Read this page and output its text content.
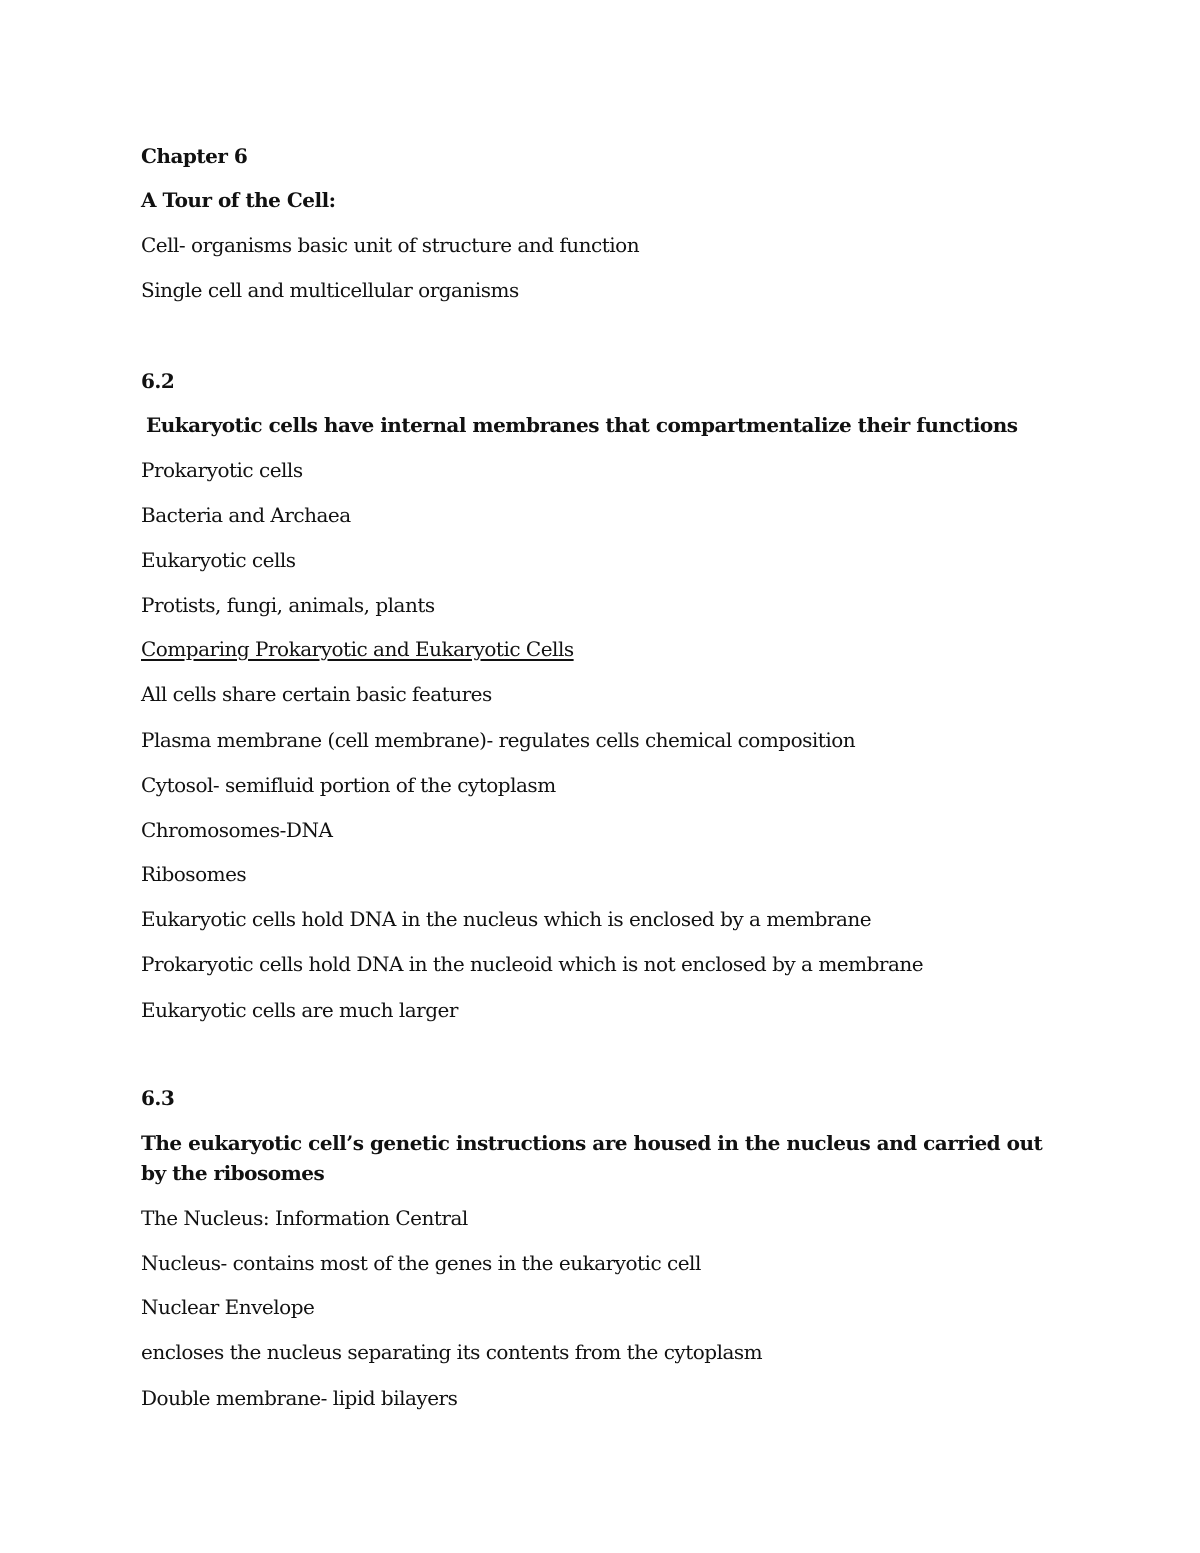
Chapter 6
A Tour of the Cell:
Cell- organisms basic unit of structure and function
Single cell and multicellular organisms
6.2
Eukaryotic cells have internal membranes that compartmentalize their functions
Prokaryotic cells
Bacteria and Archaea
Eukaryotic cells
Protists, fungi, animals, plants
Comparing Prokaryotic and Eukaryotic Cells
All cells share certain basic features
Plasma membrane (cell membrane)- regulates cells chemical composition
Cytosol- semifluid portion of the cytoplasm
Chromosomes-DNA
Ribosomes
Eukaryotic cells hold DNA in the nucleus which is enclosed by a membrane
Prokaryotic cells hold DNA in the nucleoid which is not enclosed by a membrane
Eukaryotic cells are much larger
6.3
The eukaryotic cell’s genetic instructions are housed in the nucleus and carried out by the ribosomes
The Nucleus: Information Central
Nucleus- contains most of the genes in the eukaryotic cell
Nuclear Envelope
encloses the nucleus separating its contents from the cytoplasm
Double membrane- lipid bilayers
